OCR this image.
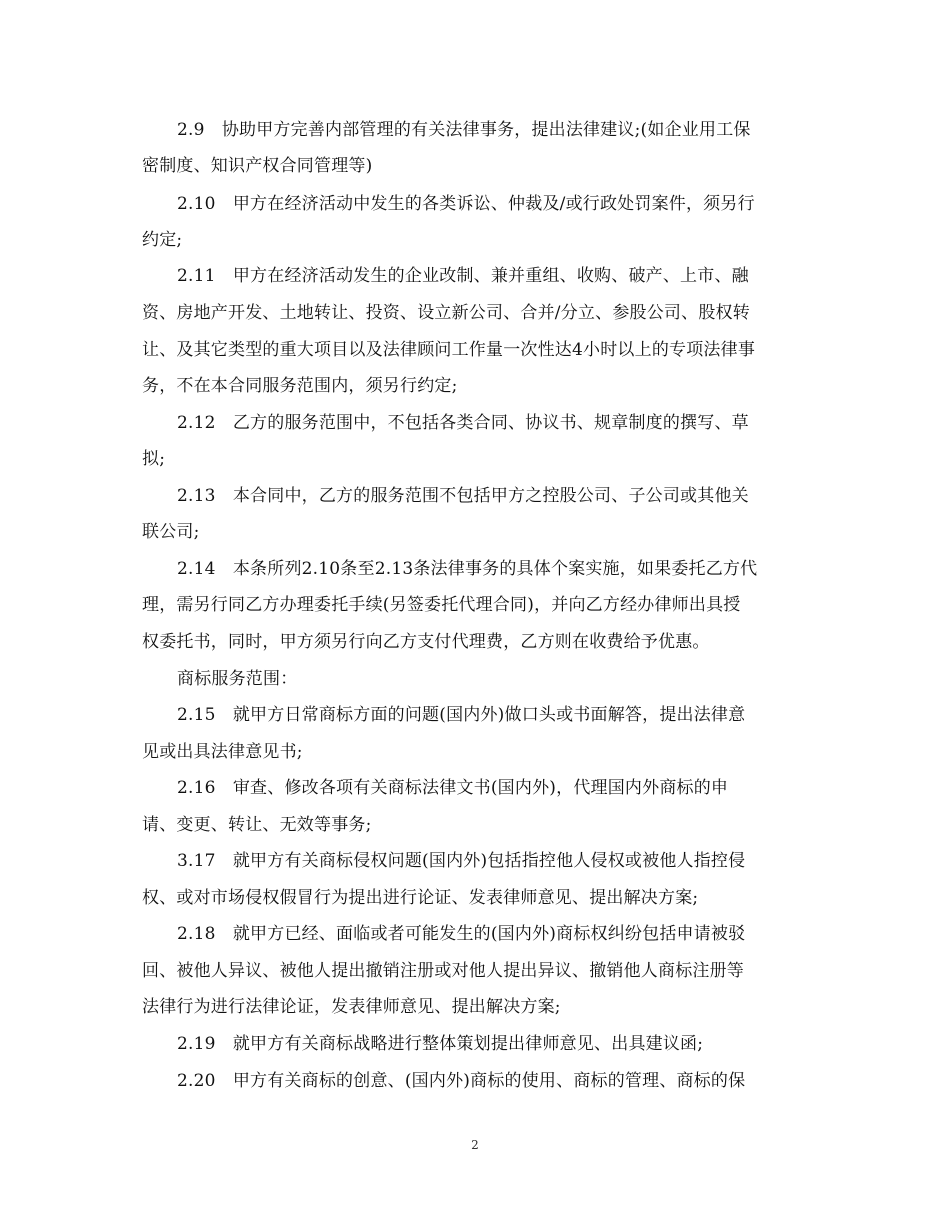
2.9　协助甲方完善内部管理的有关法律事务，提出法律建议;(如企业用工保
密制度、知识产权合同管理等)
2.10　甲方在经济活动中发生的各类诉讼、仲裁及/或行政处罚案件，须另行
约定;
2.11　甲方在经济活动发生的企业改制、兼并重组、收购、破产、上市、融
资、房地产开发、土地转让、投资、设立新公司、合并/分立、参股公司、股权转
让、及其它类型的重大项目以及法律顾问工作量一次性达4小时以上的专项法律事
务，不在本合同服务范围内，须另行约定;
2.12　乙方的服务范围中，不包括各类合同、协议书、规章制度的撰写、草
拟;
2.13　本合同中，乙方的服务范围不包括甲方之控股公司、子公司或其他关
联公司;
2.14　本条所列2.10条至2.13条法律事务的具体个案实施，如果委托乙方代
理，需另行同乙方办理委托手续(另签委托代理合同)，并向乙方经办律师出具授
权委托书，同时，甲方须另行向乙方支付代理费，乙方则在收费给予优惠。
商标服务范围：
2.15　就甲方日常商标方面的问题(国内外)做口头或书面解答，提出法律意
见或出具法律意见书;
2.16　审查、修改各项有关商标法律文书(国内外)，代理国内外商标的申
请、变更、转让、无效等事务;
3.17　就甲方有关商标侵权问题(国内外)包括指控他人侵权或被他人指控侵
权、或对市场侵权假冒行为提出进行论证、发表律师意见、提出解决方案;
2.18　就甲方已经、面临或者可能发生的(国内外)商标权纠纷包括申请被驳
回、被他人异议、被他人提出撤销注册或对他人提出异议、撤销他人商标注册等
法律行为进行法律论证，发表律师意见、提出解决方案;
2.19　就甲方有关商标战略进行整体策划提出律师意见、出具建议函;
2.20　甲方有关商标的创意、(国内外)商标的使用、商标的管理、商标的保
2
